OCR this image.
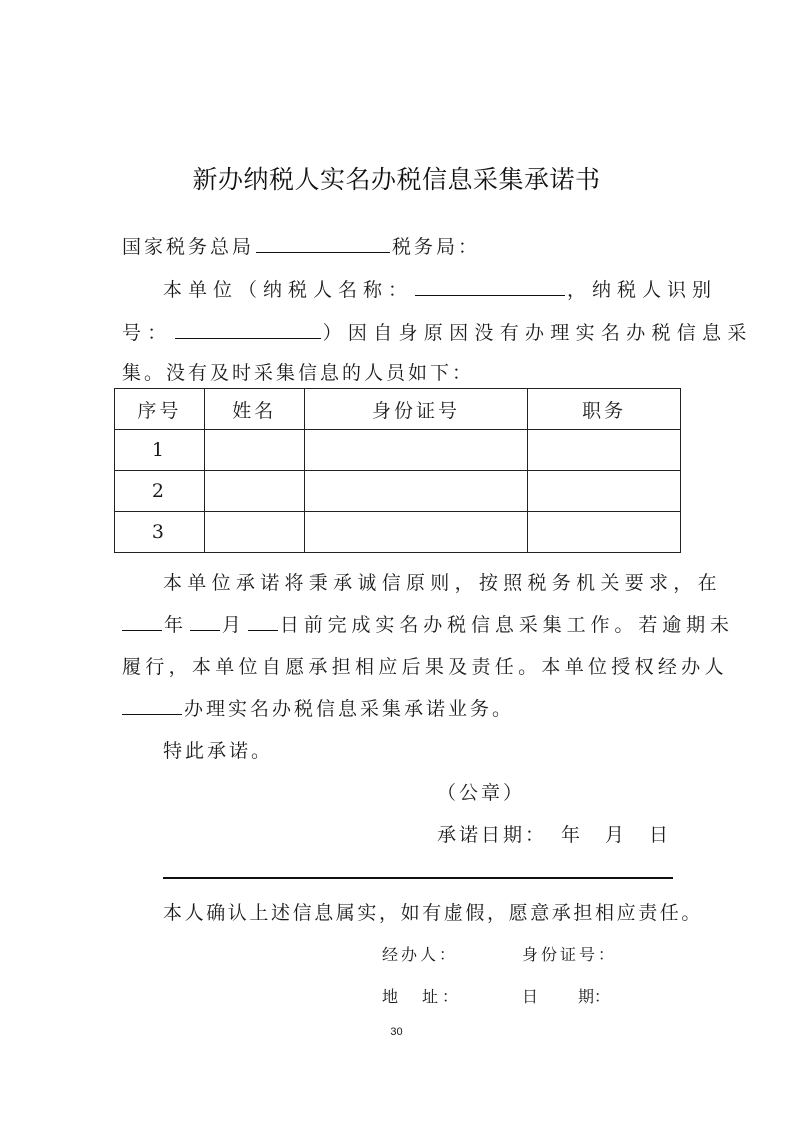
新办纳税人实名办税信息采集承诺书
国家税务总局	税务局：
本单位（纳税人名称：	，纳税人识别
号：	）因自身原因没有办理实名办税信息采
集。没有及时采集信息的人员如下：
序号	姓名	身份证号	职务
1			
2			
3			
本单位承诺将秉承诚信原则，按照税务机关要求，在
年 月 日前完成实名办税信息采集工作。若逾期未
履行，本单位自愿承担相应后果及责任。本单位授权经办人
办理实名办税信息采集承诺业务。
特此承诺。
（公章）
承诺日期： 年 月 日
本人确认上述信息属实，如有虚假，愿意承担相应责任。
经办人：	身份证号：
地　址：	日	期：
30
